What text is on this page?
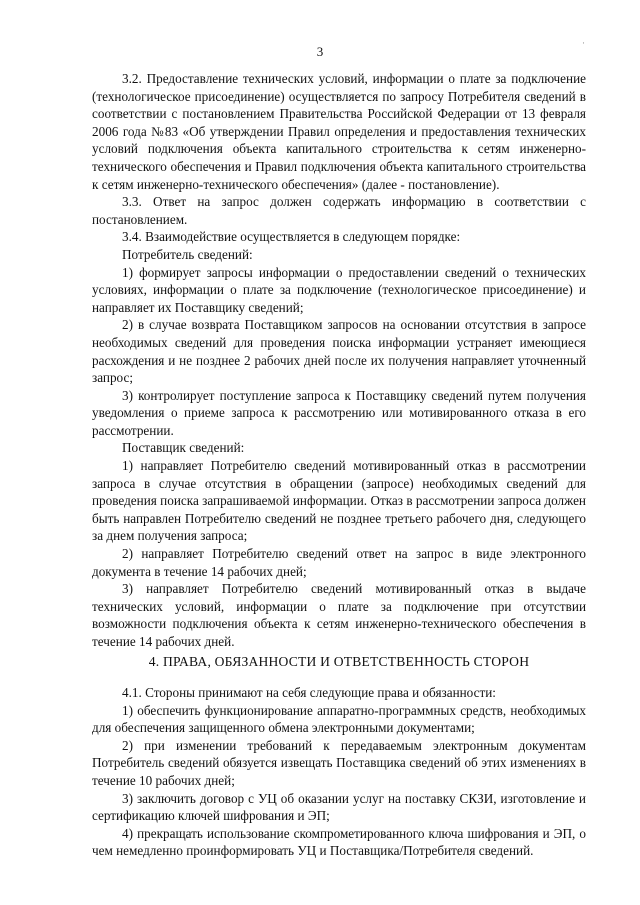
·
3

3.2. Предоставление технических условий, информации о плате за подключение (технологическое присоединение) осуществляется по запросу Потребителя сведений в соответствии с постановлением Правительства Российской Федерации от 13 февраля 2006 года №83 «Об утверждении Правил определения и предоставления технических условий подключения объекта капитального строительства к сетям инженерно-технического обеспечения и Правил подключения объекта капитального строительства к сетям инженерно-технического обеспечения» (далее - постановление).

3.3. Ответ на запрос должен содержать информацию в соответствии с постановлением.

3.4. Взаимодействие осуществляется в следующем порядке:

Потребитель сведений:

1) формирует запросы информации о предоставлении сведений о технических условиях, информации о плате за подключение (технологическое присоединение) и направляет их Поставщику сведений;

2) в случае возврата Поставщиком запросов на основании отсутствия в запросе необходимых сведений для проведения поиска информации устраняет имеющиеся расхождения и не позднее 2 рабочих дней после их получения направляет уточненный запрос;

3) контролирует поступление запроса к Поставщику сведений путем получения уведомления о приеме запроса к рассмотрению или мотивированного отказа в его рассмотрении.

Поставщик сведений:

1) направляет Потребителю сведений мотивированный отказ в рассмотрении запроса в случае отсутствия в обращении (запросе) необходимых сведений для проведения поиска запрашиваемой информации. Отказ в рассмотрении запроса должен быть направлен Потребителю сведений не позднее третьего рабочего дня, следующего за днем получения запроса;

2) направляет Потребителю сведений ответ на запрос в виде электронного документа в течение 14 рабочих дней;

3) направляет Потребителю сведений мотивированный отказ в выдаче технических условий, информации о плате за подключение при отсутствии возможности подключения объекта к сетям инженерно-технического обеспечения в течение 14 рабочих дней.

4. ПРАВА, ОБЯЗАННОСТИ И ОТВЕТСТВЕННОСТЬ СТОРОН

4.1. Стороны принимают на себя следующие права и обязанности:

1) обеспечить функционирование аппаратно-программных средств, необходимых для обеспечения защищенного обмена электронными документами;

2) при изменении требований к передаваемым электронным документам Потребитель сведений обязуется извещать Поставщика сведений об этих изменениях в течение 10 рабочих дней;

3) заключить договор с УЦ об оказании услуг на поставку СКЗИ, изготовление и сертификацию ключей шифрования и ЭП;

4) прекращать использование скомпрометированного ключа шифрования и ЭП, о чем немедленно проинформировать УЦ и Поставщика/Потребителя сведений.
